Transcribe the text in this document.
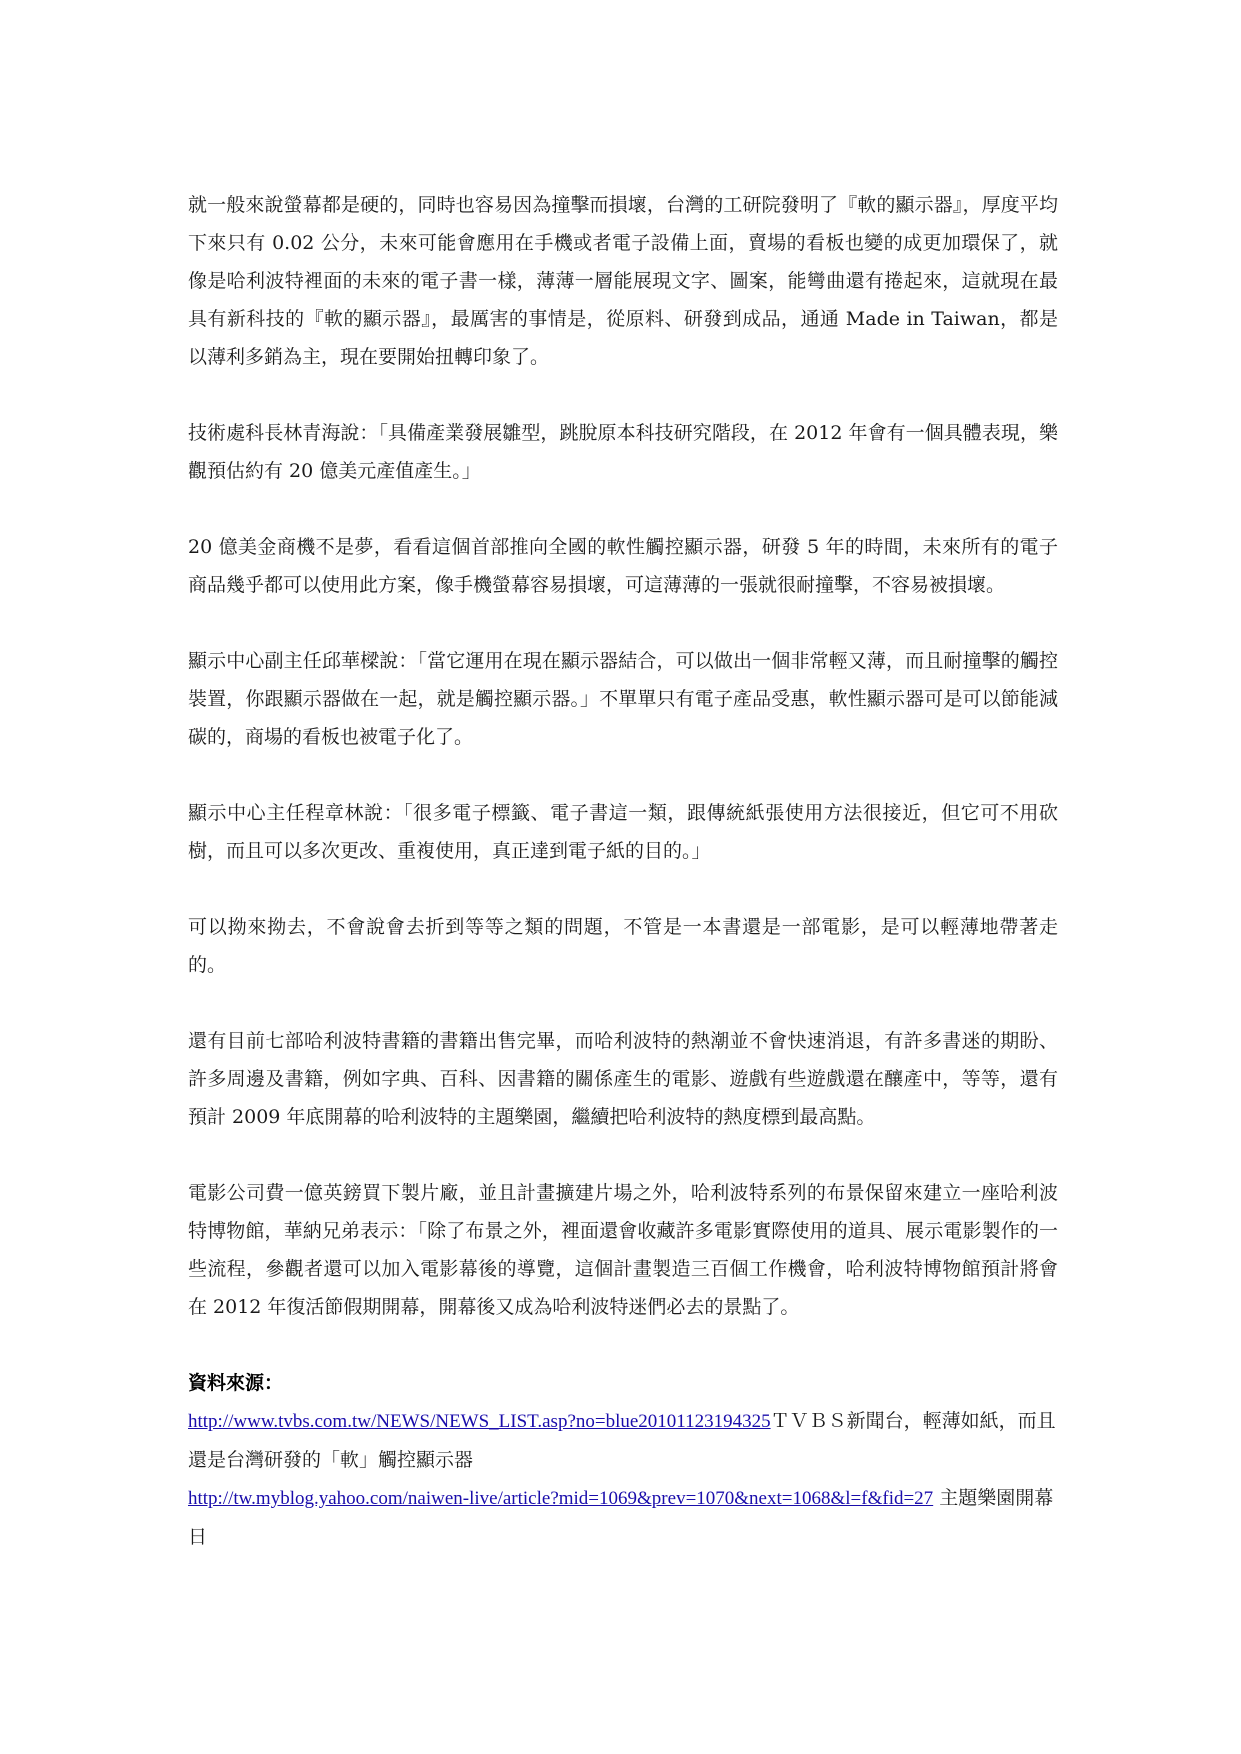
就一般來說螢幕都是硬的，同時也容易因為撞擊而損壞，台灣的工研院發明了『軟的顯示器』，厚度平均下來只有 0.02 公分，未來可能會應用在手機或者電子設備上面，賣場的看板也變的成更加環保了，就像是哈利波特裡面的未來的電子書一樣，薄薄一層能展現文字、圖案，能彎曲還有捲起來，這就現在最具有新科技的『軟的顯示器』，最厲害的事情是，從原料、研發到成品，通通 Made in Taiwan，都是以薄利多銷為主，現在要開始扭轉印象了。

技術處科長林青海說：「具備產業發展雛型，跳脫原本科技研究階段，在 2012 年會有一個具體表現，樂觀預估約有 20 億美元產值產生。」

20 億美金商機不是夢，看看這個首部推向全國的軟性觸控顯示器，研發 5 年的時間，未來所有的電子商品幾乎都可以使用此方案，像手機螢幕容易損壞，可這薄薄的一張就很耐撞擊，不容易被損壞。

顯示中心副主任邱華樑說：「當它運用在現在顯示器結合，可以做出一個非常輕又薄，而且耐撞擊的觸控裝置，你跟顯示器做在一起，就是觸控顯示器。」不單單只有電子產品受惠，軟性顯示器可是可以節能減碳的，商場的看板也被電子化了。

顯示中心主任程章林說：「很多電子標籤、電子書這一類，跟傳統紙張使用方法很接近，但它可不用砍樹，而且可以多次更改、重複使用，真正達到電子紙的目的。」

可以拗來拗去，不會說會去折到等等之類的問題，不管是一本書還是一部電影，是可以輕薄地帶著走的。

還有目前七部哈利波特書籍的書籍出售完畢，而哈利波特的熱潮並不會快速消退，有許多書迷的期盼、許多周邊及書籍，例如字典、百科、因書籍的關係產生的電影、遊戲有些遊戲還在釀產中，等等，還有預計 2009 年底開幕的哈利波特的主題樂園，繼續把哈利波特的熱度標到最高點。

電影公司費一億英鎊買下製片廠，並且計畫擴建片場之外，哈利波特系列的布景保留來建立一座哈利波特博物館，華納兄弟表示：「除了布景之外，裡面還會收藏許多電影實際使用的道具、展示電影製作的一些流程，參觀者還可以加入電影幕後的導覽，這個計畫製造三百個工作機會，哈利波特博物館預計將會在 2012 年復活節假期開幕，開幕後又成為哈利波特迷們必去的景點了。

資料來源：

http://www.tvbs.com.tw/NEWS/NEWS_LIST.asp?no=blue20101123194325ＴＶＢＳ新聞台，輕薄如紙，而且還是台灣研發的「軟」觸控顯示器

http://tw.myblog.yahoo.com/naiwen-live/article?mid=1069&prev=1070&next=1068&l=f&fid=27 主題樂園開幕日
